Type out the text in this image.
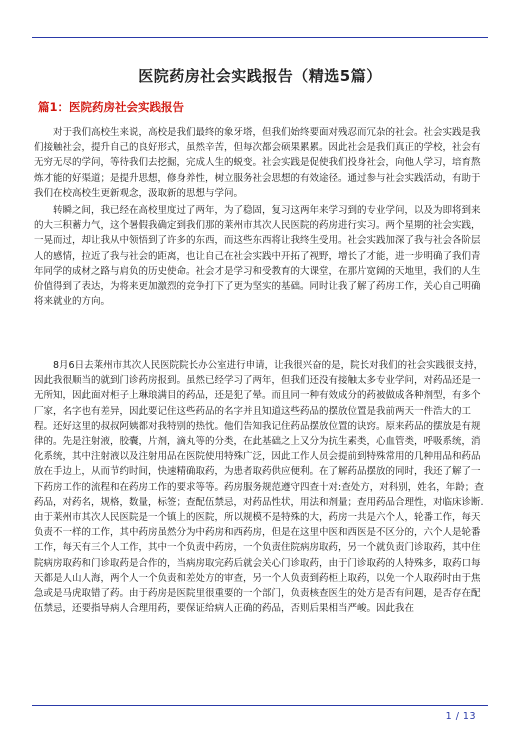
医院药房社会实践报告（精选5篇）
篇1：医院药房社会实践报告

　　对于我们高校生来说，高校是我们最终的象牙塔，但我们始终要面对残忍而冗杂的社会。社会实践是我们接触社会，提升自己的良好形式，虽然辛苦，但每次都会硕果累累。因此社会是我们真正的学校，社会有无穷无尽的学问，等待我们去挖掘，完成人生的蜕变。社会实践是促使我们投身社会，向他人学习，培育熬炼才能的好渠道；是提升思想，修身养性，树立服务社会思想的有效途径。通过参与社会实践活动，有助于我们在校高校生更新观念，汲取新的思想与学问。

　　转瞬之间，我已经在高校里度过了两年，为了稳固，复习这两年来学习到的专业学问，以及为即将到来的大三积蓄力气，这个暑假我确定到我们那的莱州市其次人民医院的药房进行实习。两个星期的社会实践，一晃而过，却让我从中领悟到了许多的东西，而这些东西将让我终生受用。社会实践加深了我与社会各阶层人的感情，拉近了我与社会的距离，也让自己在社会实践中开拓了视野，增长了才能，进一步明确了我们青年同学的成材之路与肩负的历史使命。社会才是学习和受教育的大课堂，在那片宽阔的天地里，我们的人生价值得到了表达，为将来更加激烈的竞争打下了更为坚实的基础。同时让我了解了药房工作，关心自己明确将来就业的方向。

　　8月6日去莱州市其次人民医院院长办公室进行申请，让我很兴奋的是，院长对我们的社会实践很支持，因此我很顺当的就到门诊药房报到。虽然已经学习了两年，但我们还没有接触太多专业学问，对药品还是一无所知，因此面对柜子上琳琅满目的药品，还是犯了晕。而且同一种有效成分的药被做成各种剂型，有多个厂家，名字也有差异，因此要记住这些药品的名字并且知道这些药品的摆放位置是我前两天一件浩大的工程。还好这里的叔叔阿姨都对我特别的热忱。他们告知我记住药品摆放位置的诀窍。原来药品的摆放是有规律的。先是注射液，胶囊，片剂，滴丸等的分类，在此基础之上又分为抗生素类，心血管类，呼吸系统，消化系统，其中注射液以及注射用品在医院使用特殊广泛，因此工作人员会提前到特殊常用的几种用品和药品放在手边上，从而节约时间，快速精确取药，为患者取药供应便利。在了解药品摆放的同时，我还了解了一下药房工作的流程和在药房工作的要求等等。药房服务规范遵守四查十对:查处方，对科别，姓名，年龄；查药品，对药名，规格，数量，标签；查配伍禁忌，对药品性状，用法和剂量；查用药品合理性，对临床诊断.由于莱州市其次人民医院是一个镇上的医院，所以规模不是特殊的大，药房一共是六个人，轮番工作，每天负责不一样的工作，其中药房虽然分为中药房和西药房，但是在这里中医和西医是不区分的，六个人是轮番工作，每天有三个人工作，其中一个负责中药房，一个负责住院病房取药，另一个就负责门诊取药，其中住院病房取药和门诊取药是合作的，当病房取完药后就会关心门诊取药，由于门诊取药的人特殊多，取药口每天都是人山人海，两个人一个负责和差处方的审查，另一个人负责到药柜上取药，以免一个人取药时由于焦急或是马虎取错了药。由于药房是医院里很重要的一个部门，负责核查医生的处方是否有问题，是否存在配伍禁忌，还要指导病人合理用药，要保证给病人正确的药品，否则后果相当严峻。因此我在

1 / 13
